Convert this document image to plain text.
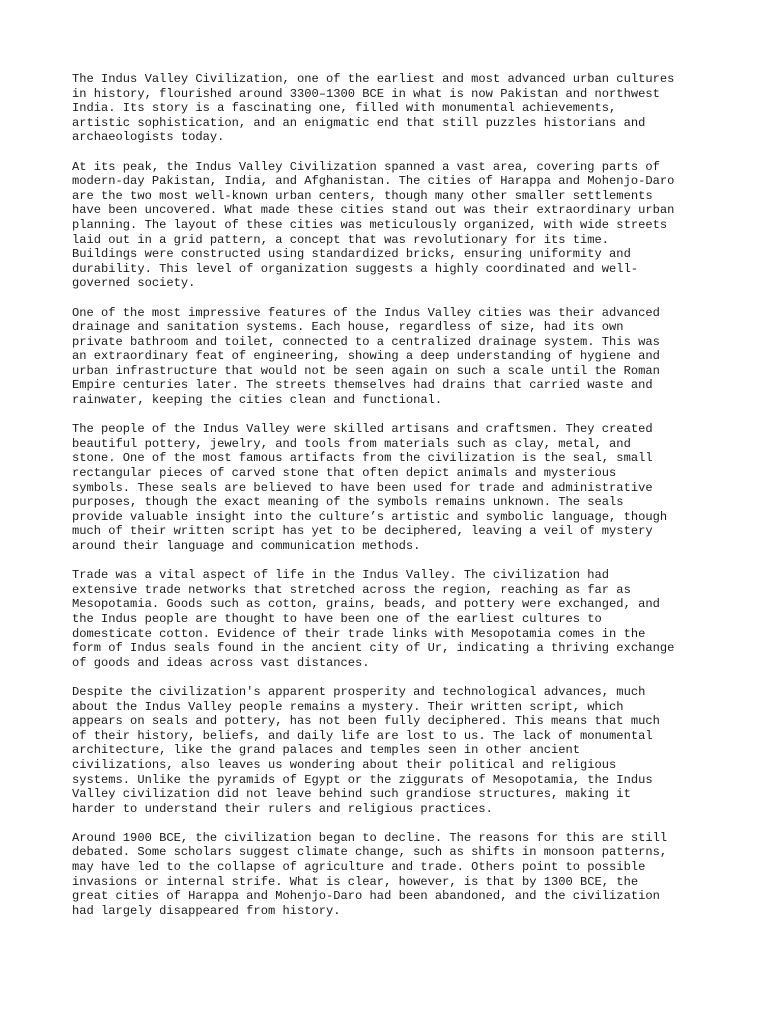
The Indus Valley Civilization, one of the earliest and most advanced urban cultures
in history, flourished around 3300–1300 BCE in what is now Pakistan and northwest
India. Its story is a fascinating one, filled with monumental achievements,
artistic sophistication, and an enigmatic end that still puzzles historians and
archaeologists today.

At its peak, the Indus Valley Civilization spanned a vast area, covering parts of
modern-day Pakistan, India, and Afghanistan. The cities of Harappa and Mohenjo-Daro
are the two most well-known urban centers, though many other smaller settlements
have been uncovered. What made these cities stand out was their extraordinary urban
planning. The layout of these cities was meticulously organized, with wide streets
laid out in a grid pattern, a concept that was revolutionary for its time.
Buildings were constructed using standardized bricks, ensuring uniformity and
durability. This level of organization suggests a highly coordinated and well-
governed society.

One of the most impressive features of the Indus Valley cities was their advanced
drainage and sanitation systems. Each house, regardless of size, had its own
private bathroom and toilet, connected to a centralized drainage system. This was
an extraordinary feat of engineering, showing a deep understanding of hygiene and
urban infrastructure that would not be seen again on such a scale until the Roman
Empire centuries later. The streets themselves had drains that carried waste and
rainwater, keeping the cities clean and functional.

The people of the Indus Valley were skilled artisans and craftsmen. They created
beautiful pottery, jewelry, and tools from materials such as clay, metal, and
stone. One of the most famous artifacts from the civilization is the seal, small
rectangular pieces of carved stone that often depict animals and mysterious
symbols. These seals are believed to have been used for trade and administrative
purposes, though the exact meaning of the symbols remains unknown. The seals
provide valuable insight into the culture’s artistic and symbolic language, though
much of their written script has yet to be deciphered, leaving a veil of mystery
around their language and communication methods.

Trade was a vital aspect of life in the Indus Valley. The civilization had
extensive trade networks that stretched across the region, reaching as far as
Mesopotamia. Goods such as cotton, grains, beads, and pottery were exchanged, and
the Indus people are thought to have been one of the earliest cultures to
domesticate cotton. Evidence of their trade links with Mesopotamia comes in the
form of Indus seals found in the ancient city of Ur, indicating a thriving exchange
of goods and ideas across vast distances.

Despite the civilization's apparent prosperity and technological advances, much
about the Indus Valley people remains a mystery. Their written script, which
appears on seals and pottery, has not been fully deciphered. This means that much
of their history, beliefs, and daily life are lost to us. The lack of monumental
architecture, like the grand palaces and temples seen in other ancient
civilizations, also leaves us wondering about their political and religious
systems. Unlike the pyramids of Egypt or the ziggurats of Mesopotamia, the Indus
Valley civilization did not leave behind such grandiose structures, making it
harder to understand their rulers and religious practices.

Around 1900 BCE, the civilization began to decline. The reasons for this are still
debated. Some scholars suggest climate change, such as shifts in monsoon patterns,
may have led to the collapse of agriculture and trade. Others point to possible
invasions or internal strife. What is clear, however, is that by 1300 BCE, the
great cities of Harappa and Mohenjo-Daro had been abandoned, and the civilization
had largely disappeared from history.
